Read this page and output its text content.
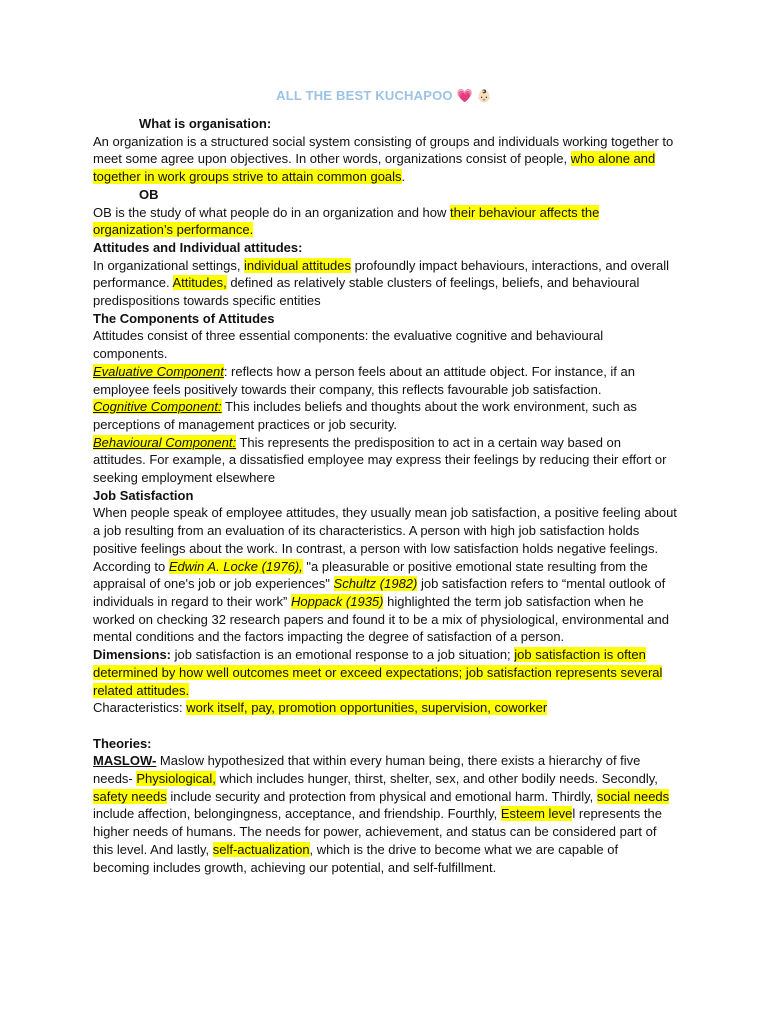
ALL THE BEST KUCHAPOO 💗 👶🏻

What is organisation:

An organization is a structured social system consisting of groups and individuals working together to meet some agree upon objectives. In other words, organizations consist of people, who alone and together in work groups strive to attain common goals.

OB

OB is the study of what people do in an organization and how their behaviour affects the organization’s performance.

Attitudes and Individual attitudes:

In organizational settings, individual attitudes profoundly impact behaviours, interactions, and overall performance. Attitudes, defined as relatively stable clusters of feelings, beliefs, and behavioural predispositions towards specific entities

The Components of Attitudes

Attitudes consist of three essential components: the evaluative cognitive and behavioural components.

Evaluative Component: reflects how a person feels about an attitude object. For instance, if an employee feels positively towards their company, this reflects favourable job satisfaction.

Cognitive Component: This includes beliefs and thoughts about the work environment, such as perceptions of management practices or job security.

Behavioural Component: This represents the predisposition to act in a certain way based on attitudes. For example, a dissatisfied employee may express their feelings by reducing their effort or seeking employment elsewhere

Job Satisfaction

When people speak of employee attitudes, they usually mean job satisfaction, a positive feeling about a job resulting from an evaluation of its characteristics. A person with high job satisfaction holds positive feelings about the work. In contrast, a person with low satisfaction holds negative feelings. According to Edwin A. Locke (1976), "a pleasurable or positive emotional state resulting from the appraisal of one's job or job experiences" Schultz (1982) job satisfaction refers to “mental outlook of individuals in regard to their work” Hoppack (1935) highlighted the term job satisfaction when he worked on checking 32 research papers and found it to be a mix of physiological, environmental and mental conditions and the factors impacting the degree of satisfaction of a person.

Dimensions: job satisfaction is an emotional response to a job situation; job satisfaction is often determined by how well outcomes meet or exceed expectations; job satisfaction represents several related attitudes.

Characteristics: work itself, pay, promotion opportunities, supervision, coworker

Theories:

MASLOW- Maslow hypothesized that within every human being, there exists a hierarchy of five needs- Physiological, which includes hunger, thirst, shelter, sex, and other bodily needs. Secondly, safety needs include security and protection from physical and emotional harm. Thirdly, social needs include affection, belongingness, acceptance, and friendship. Fourthly, Esteem level represents the higher needs of humans. The needs for power, achievement, and status can be considered part of this level. And lastly, self-actualization, which is the drive to become what we are capable of becoming includes growth, achieving our potential, and self-fulfillment.
